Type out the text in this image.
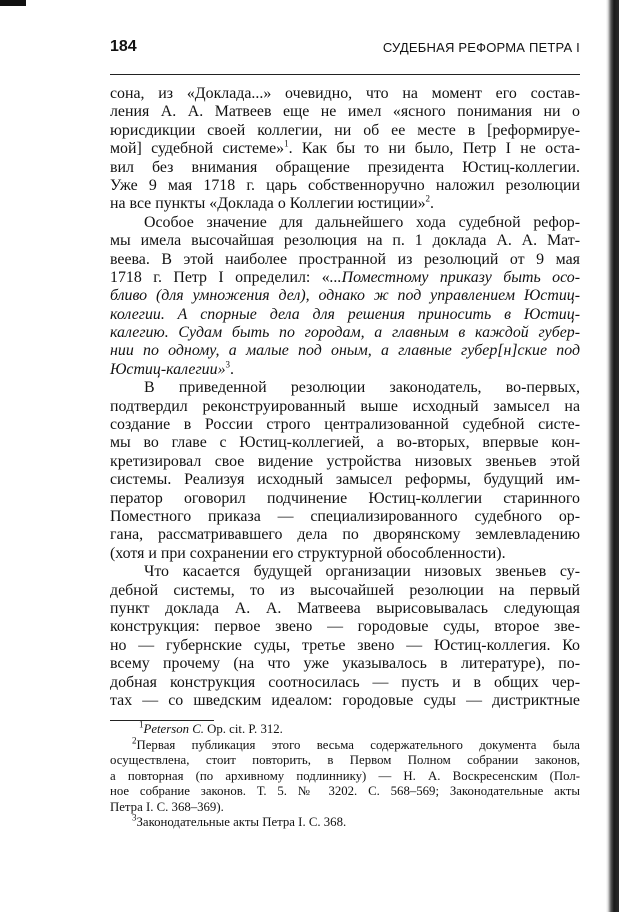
184	СУДЕБНАЯ РЕФОРМА ПЕТРА I
сона, из «Доклада...» очевидно, что на момент его состав-
ления А. А. Матвеев еще не имел «ясного понимания ни о
юрисдикции своей коллегии, ни об ее месте в [реформируе-
мой] судебной системе»$^1$. Как бы то ни было, Петр I не оста-
вил без внимания обращение президента Юстиц-коллегии.
Уже 9 мая 1718 г. царь собственноручно наложил резолюции
на все пункты «Доклада о Коллегии юстиции»$^2$.
Особое значение для дальнейшего хода судебной рефор-
мы имела высочайшая резолюция на п. 1 доклада А. А. Мат-
веева. В этой наиболее пространной из резолюций от 9 мая
1718 г. Петр I определил: «...Поместному приказу быть осо-
бливо (для умножения дел), однако ж под управлением Юстиц-
колегии. А спорные дела для решения приносить в Юстиц-
калегию. Судам быть по городам, а главным в каждой губер-
нии по одному, а малые под оным, а главные губер[н]ские под
Юстиц-калегии»$^3$.
В приведенной резолюции законодатель, во-первых,
подтвердил реконструированный выше исходный замысел на
создание в России строго централизованной судебной систе-
мы во главе с Юстиц-коллегией, а во-вторых, впервые кон-
кретизировал свое видение устройства низовых звеньев этой
системы. Реализуя исходный замысел реформы, будущий им-
ператор оговорил подчинение Юстиц-коллегии старинного
Поместного приказа — специализированного судебного ор-
гана, рассматривавшего дела по дворянскому землевладению
(хотя и при сохранении его структурной обособленности).
Что касается будущей организации низовых звеньев су-
дебной системы, то из высочайшей резолюции на первый
пункт доклада А. А. Матвеева вырисовывалась следующая
конструкция: первое звено — городовые суды, второе зве-
но — губернские суды, третье звено — Юстиц-коллегия. Ко
всему прочему (на что уже указывалось в литературе), по-
добная конструкция соотносилась — пусть и в общих чер-
тах — со шведским идеалом: городовые суды — дистриктные
$^1$Peterson C. Op. cit. P. 312.
$^2$Первая публикация этого весьма содержательного документа была
осуществлена, стоит повторить, в Первом Полном собрании законов,
а повторная (по архивному подлиннику) — Н. А. Воскресенским (Пол-
ное собрание законов. Т. 5. № 3202. С. 568–569; Законодательные акты
Петра I. С. 368–369).
$^3$Законодательные акты Петра I. С. 368.
